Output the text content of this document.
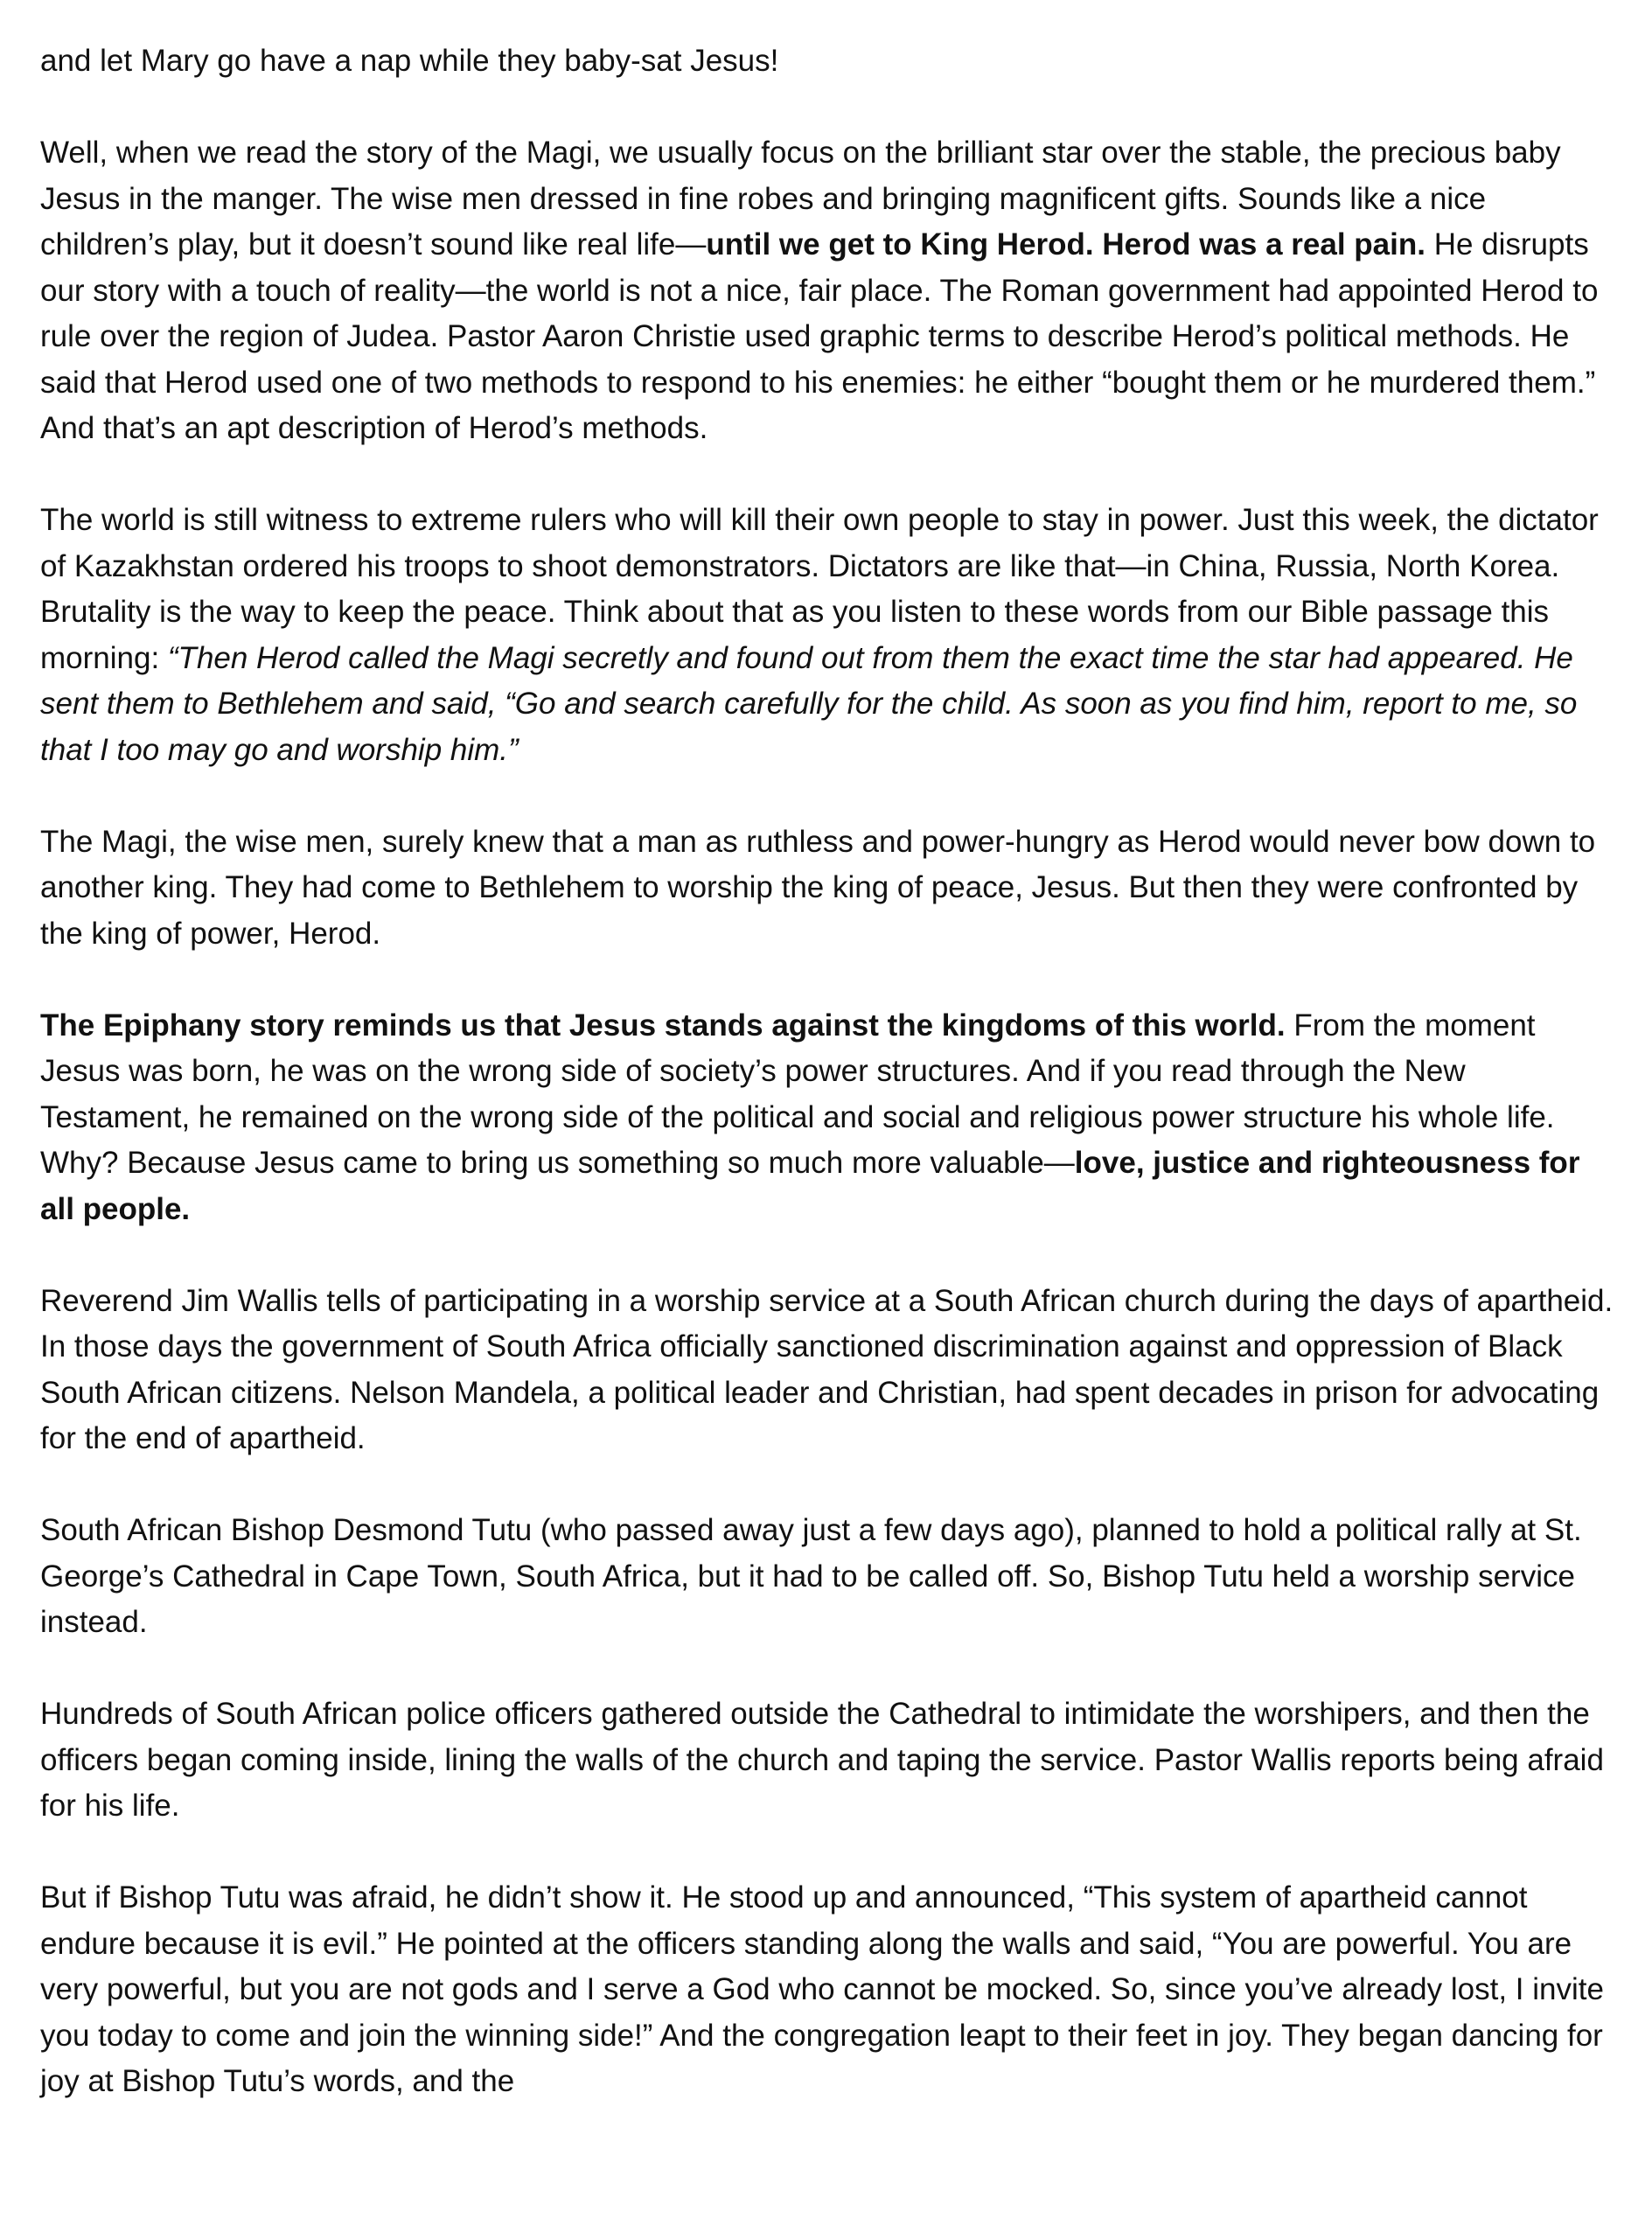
and let Mary go have a nap while they baby-sat Jesus!

Well, when we read the story of the Magi, we usually focus on the brilliant star over the stable, the precious baby Jesus in the manger. The wise men dressed in fine robes and bringing magnificent gifts. Sounds like a nice children’s play, but it doesn’t sound like real life—until we get to King Herod. Herod was a real pain. He disrupts our story with a touch of reality—the world is not a nice, fair place. The Roman government had appointed Herod to rule over the region of Judea. Pastor Aaron Christie used graphic terms to describe Herod’s political methods. He said that Herod used one of two methods to respond to his enemies: he either “bought them or he murdered them.” And that’s an apt description of Herod’s methods.

The world is still witness to extreme rulers who will kill their own people to stay in power. Just this week, the dictator of Kazakhstan ordered his troops to shoot demonstrators. Dictators are like that—in China, Russia, North Korea. Brutality is the way to keep the peace. Think about that as you listen to these words from our Bible passage this morning: “Then Herod called the Magi secretly and found out from them the exact time the star had appeared. He sent them to Bethlehem and said, “Go and search carefully for the child. As soon as you find him, report to me, so that I too may go and worship him.”

The Magi, the wise men, surely knew that a man as ruthless and power-hungry as Herod would never bow down to another king. They had come to Bethlehem to worship the king of peace, Jesus. But then they were confronted by the king of power, Herod.

The Epiphany story reminds us that Jesus stands against the kingdoms of this world. From the moment Jesus was born, he was on the wrong side of society’s power structures. And if you read through the New Testament, he remained on the wrong side of the political and social and religious power structure his whole life. Why? Because Jesus came to bring us something so much more valuable—love, justice and righteousness for all people.

Reverend Jim Wallis tells of participating in a worship service at a South African church during the days of apartheid. In those days the government of South Africa officially sanctioned discrimination against and oppression of Black South African citizens. Nelson Mandela, a political leader and Christian, had spent decades in prison for advocating for the end of apartheid.

South African Bishop Desmond Tutu (who passed away just a few days ago), planned to hold a political rally at St. George’s Cathedral in Cape Town, South Africa, but it had to be called off. So, Bishop Tutu held a worship service instead.

Hundreds of South African police officers gathered outside the Cathedral to intimidate the worshipers, and then the officers began coming inside, lining the walls of the church and taping the service. Pastor Wallis reports being afraid for his life.

But if Bishop Tutu was afraid, he didn’t show it. He stood up and announced, “This system of apartheid cannot endure because it is evil.” He pointed at the officers standing along the walls and said, “You are powerful. You are very powerful, but you are not gods and I serve a God who cannot be mocked. So, since you’ve already lost, I invite you today to come and join the winning side!” And the congregation leapt to their feet in joy. They began dancing for joy at Bishop Tutu’s words, and the
